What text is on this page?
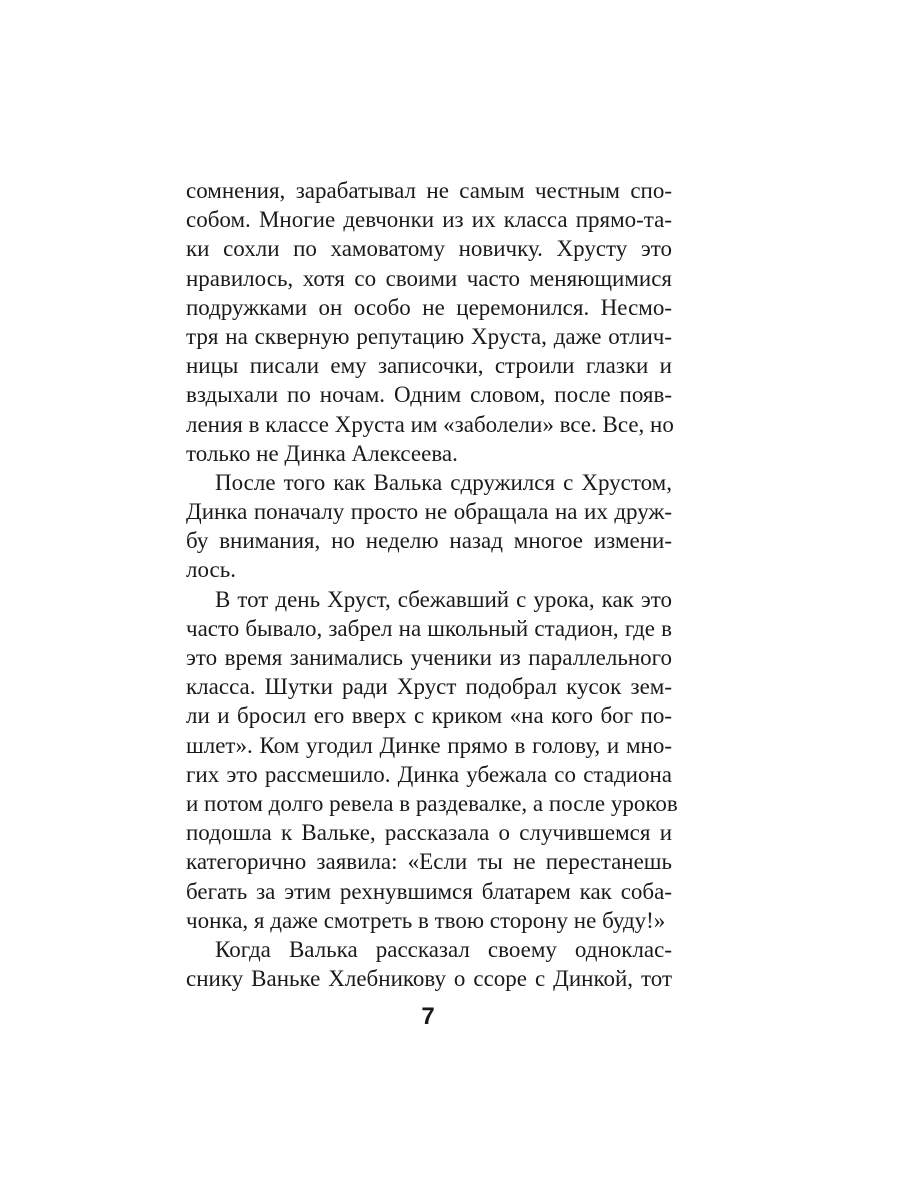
сомнения, зарабатывал не самым честным спо-
собом. Многие девчонки из их класса прямо-та-
ки сохли по хамоватому новичку. Хрусту это
нравилось, хотя со своими часто меняющимися
подружками он особо не церемонился. Несмо-
тря на скверную репутацию Хруста, даже отлич-
ницы писали ему записочки, строили глазки и
вздыхали по ночам. Одним словом, после появ-
ления в классе Хруста им «заболели» все. Все, но
только не Динка Алексеева.
После того как Валька сдружился с Хрустом,
Динка поначалу просто не обращала на их друж-
бу внимания, но неделю назад многое измени-
лось.
В тот день Хруст, сбежавший с урока, как это
часто бывало, забрел на школьный стадион, где в
это время занимались ученики из параллельного
класса. Шутки ради Хруст подобрал кусок зем-
ли и бросил его вверх с криком «на кого бог по-
шлет». Ком угодил Динке прямо в голову, и мно-
гих это рассмешило. Динка убежала со стадиона
и потом долго ревела в раздевалке, а после уроков
подошла к Вальке, рассказала о случившемся и
категорично заявила: «Если ты не перестанешь
бегать за этим рехнувшимся блатарем как соба-
чонка, я даже смотреть в твою сторону не буду!»
Когда Валька рассказал своему одноклас-
снику Ваньке Хлебникову о ссоре с Динкой, тот
7
